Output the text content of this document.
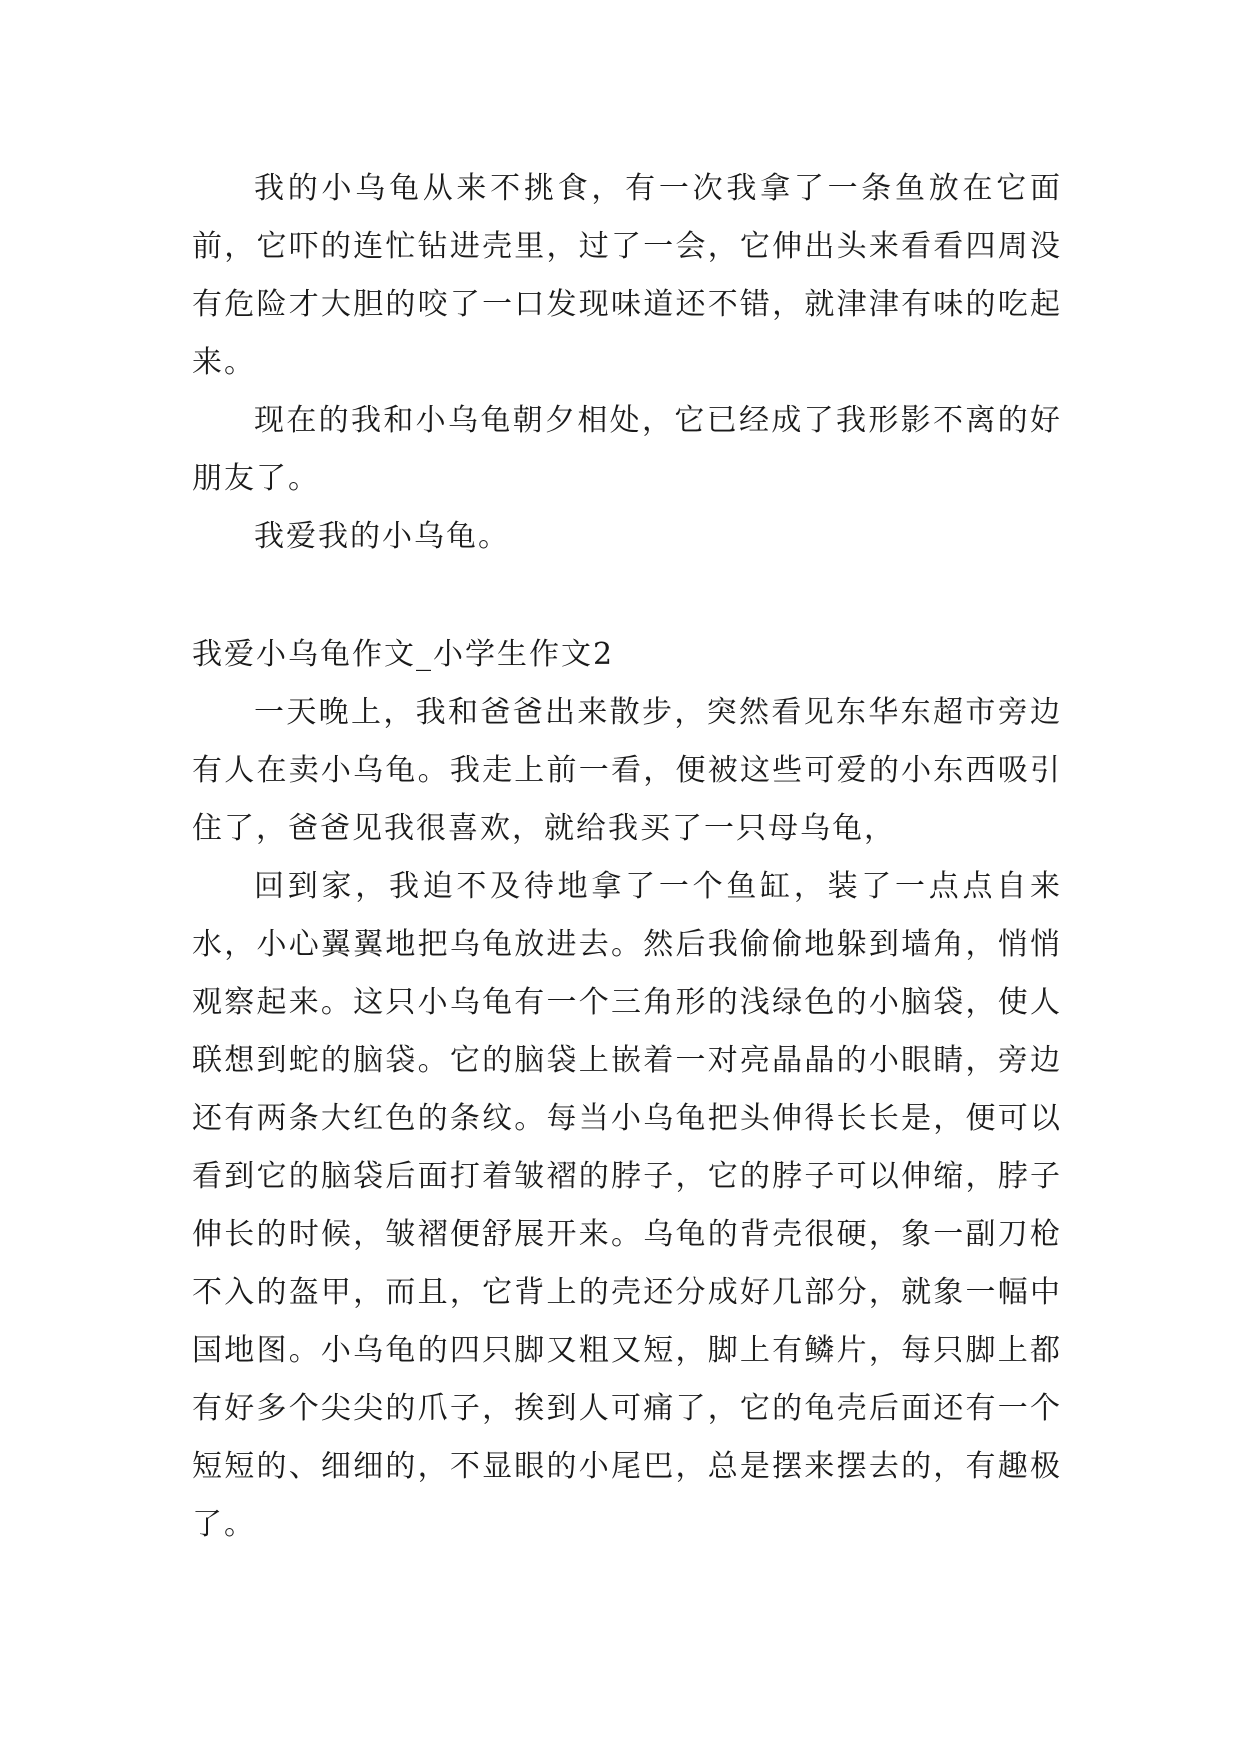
我的小乌龟从来不挑食，有一次我拿了一条鱼放在它面前，它吓的连忙钻进壳里，过了一会，它伸出头来看看四周没有危险才大胆的咬了一口发现味道还不错，就津津有味的吃起来。

现在的我和小乌龟朝夕相处，它已经成了我形影不离的好朋友了。

我爱我的小乌龟。

我爱小乌龟作文_小学生作文2

一天晚上，我和爸爸出来散步，突然看见东华东超市旁边有人在卖小乌龟。我走上前一看，便被这些可爱的小东西吸引住了，爸爸见我很喜欢，就给我买了一只母乌龟，

回到家，我迫不及待地拿了一个鱼缸，装了一点点自来水，小心翼翼地把乌龟放进去。然后我偷偷地躲到墙角，悄悄观察起来。这只小乌龟有一个三角形的浅绿色的小脑袋，使人联想到蛇的脑袋。它的脑袋上嵌着一对亮晶晶的小眼睛，旁边还有两条大红色的条纹。每当小乌龟把头伸得长长是，便可以看到它的脑袋后面打着皱褶的脖子，它的脖子可以伸缩，脖子伸长的时候，皱褶便舒展开来。乌龟的背壳很硬，象一副刀枪不入的盔甲，而且，它背上的壳还分成好几部分，就象一幅中国地图。小乌龟的四只脚又粗又短，脚上有鳞片，每只脚上都有好多个尖尖的爪子，挨到人可痛了，它的龟壳后面还有一个短短的、细细的，不显眼的小尾巴，总是摆来摆去的，有趣极了。
